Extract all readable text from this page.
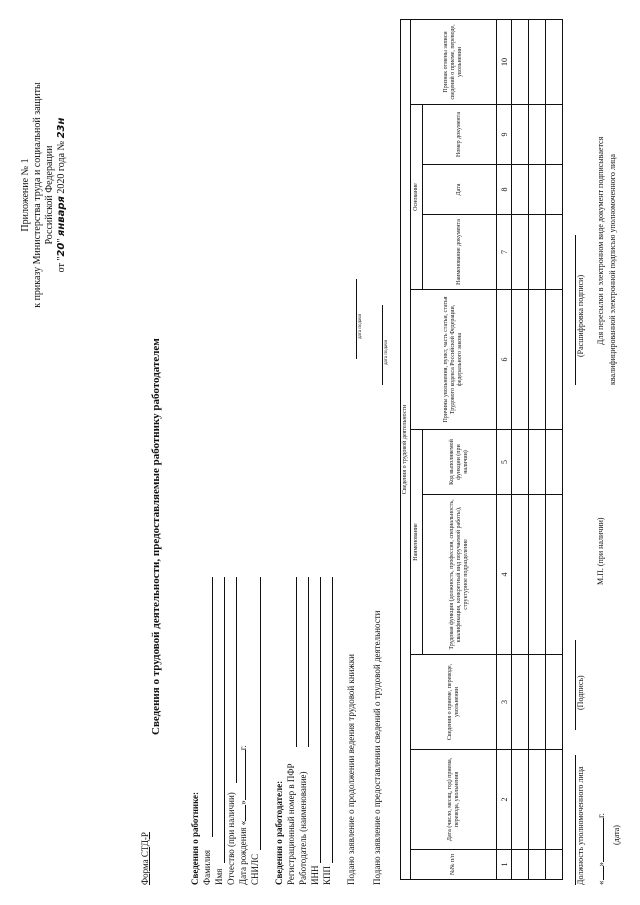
Приложение № 1 к приказу Министерства труда и социальной защиты Российской Федерации
от "20" января 2020 года № 23н
Форма СТД-Р
Сведения о трудовой деятельности, предоставляемые работнику работодателем
Сведения о работнике: Фамилия Имя Отчество (при наличии) Дата рождения «»г.
СНИЛС Сведения о работодателе: Регистрационный номер в ПФР Работодатель (наименование) ИНН КПП Подано заявление о продолжении ведения трудовой книжки
дата подачи
Подано заявление о предоставлении сведений о трудовой деятельности
дата подачи
Сведения о трудовой деятельности									
№№ п/п	Дата (число, месяц, год) приема, перевода, увольнения	Сведения о приеме, переводе, увольнении	Наименование		Причины увольнения, пункт, часть статьи, статья Трудового кодекса Российской Федерации, федерального закона	Основание			Признак отмены записи сведений о приеме, переводе, увольнении
			Трудовая функция (должность, профессия, специальность, квалификация, конкретный вид поручаемой работы), структурное подразделение	Код выполняемой функции (при наличии)		Наименование документа	Дата	Номер документа	
1	2	3	4	5	6	7	8	9	10

Должность уполномоченного лица
(Подпись)
(Расшифровка подписи)
«»г.
(дата)
М.П. (при наличии)
Для пересылки в электронном виде документ подписывается квалифицированной электронной подписью уполномоченного лица
